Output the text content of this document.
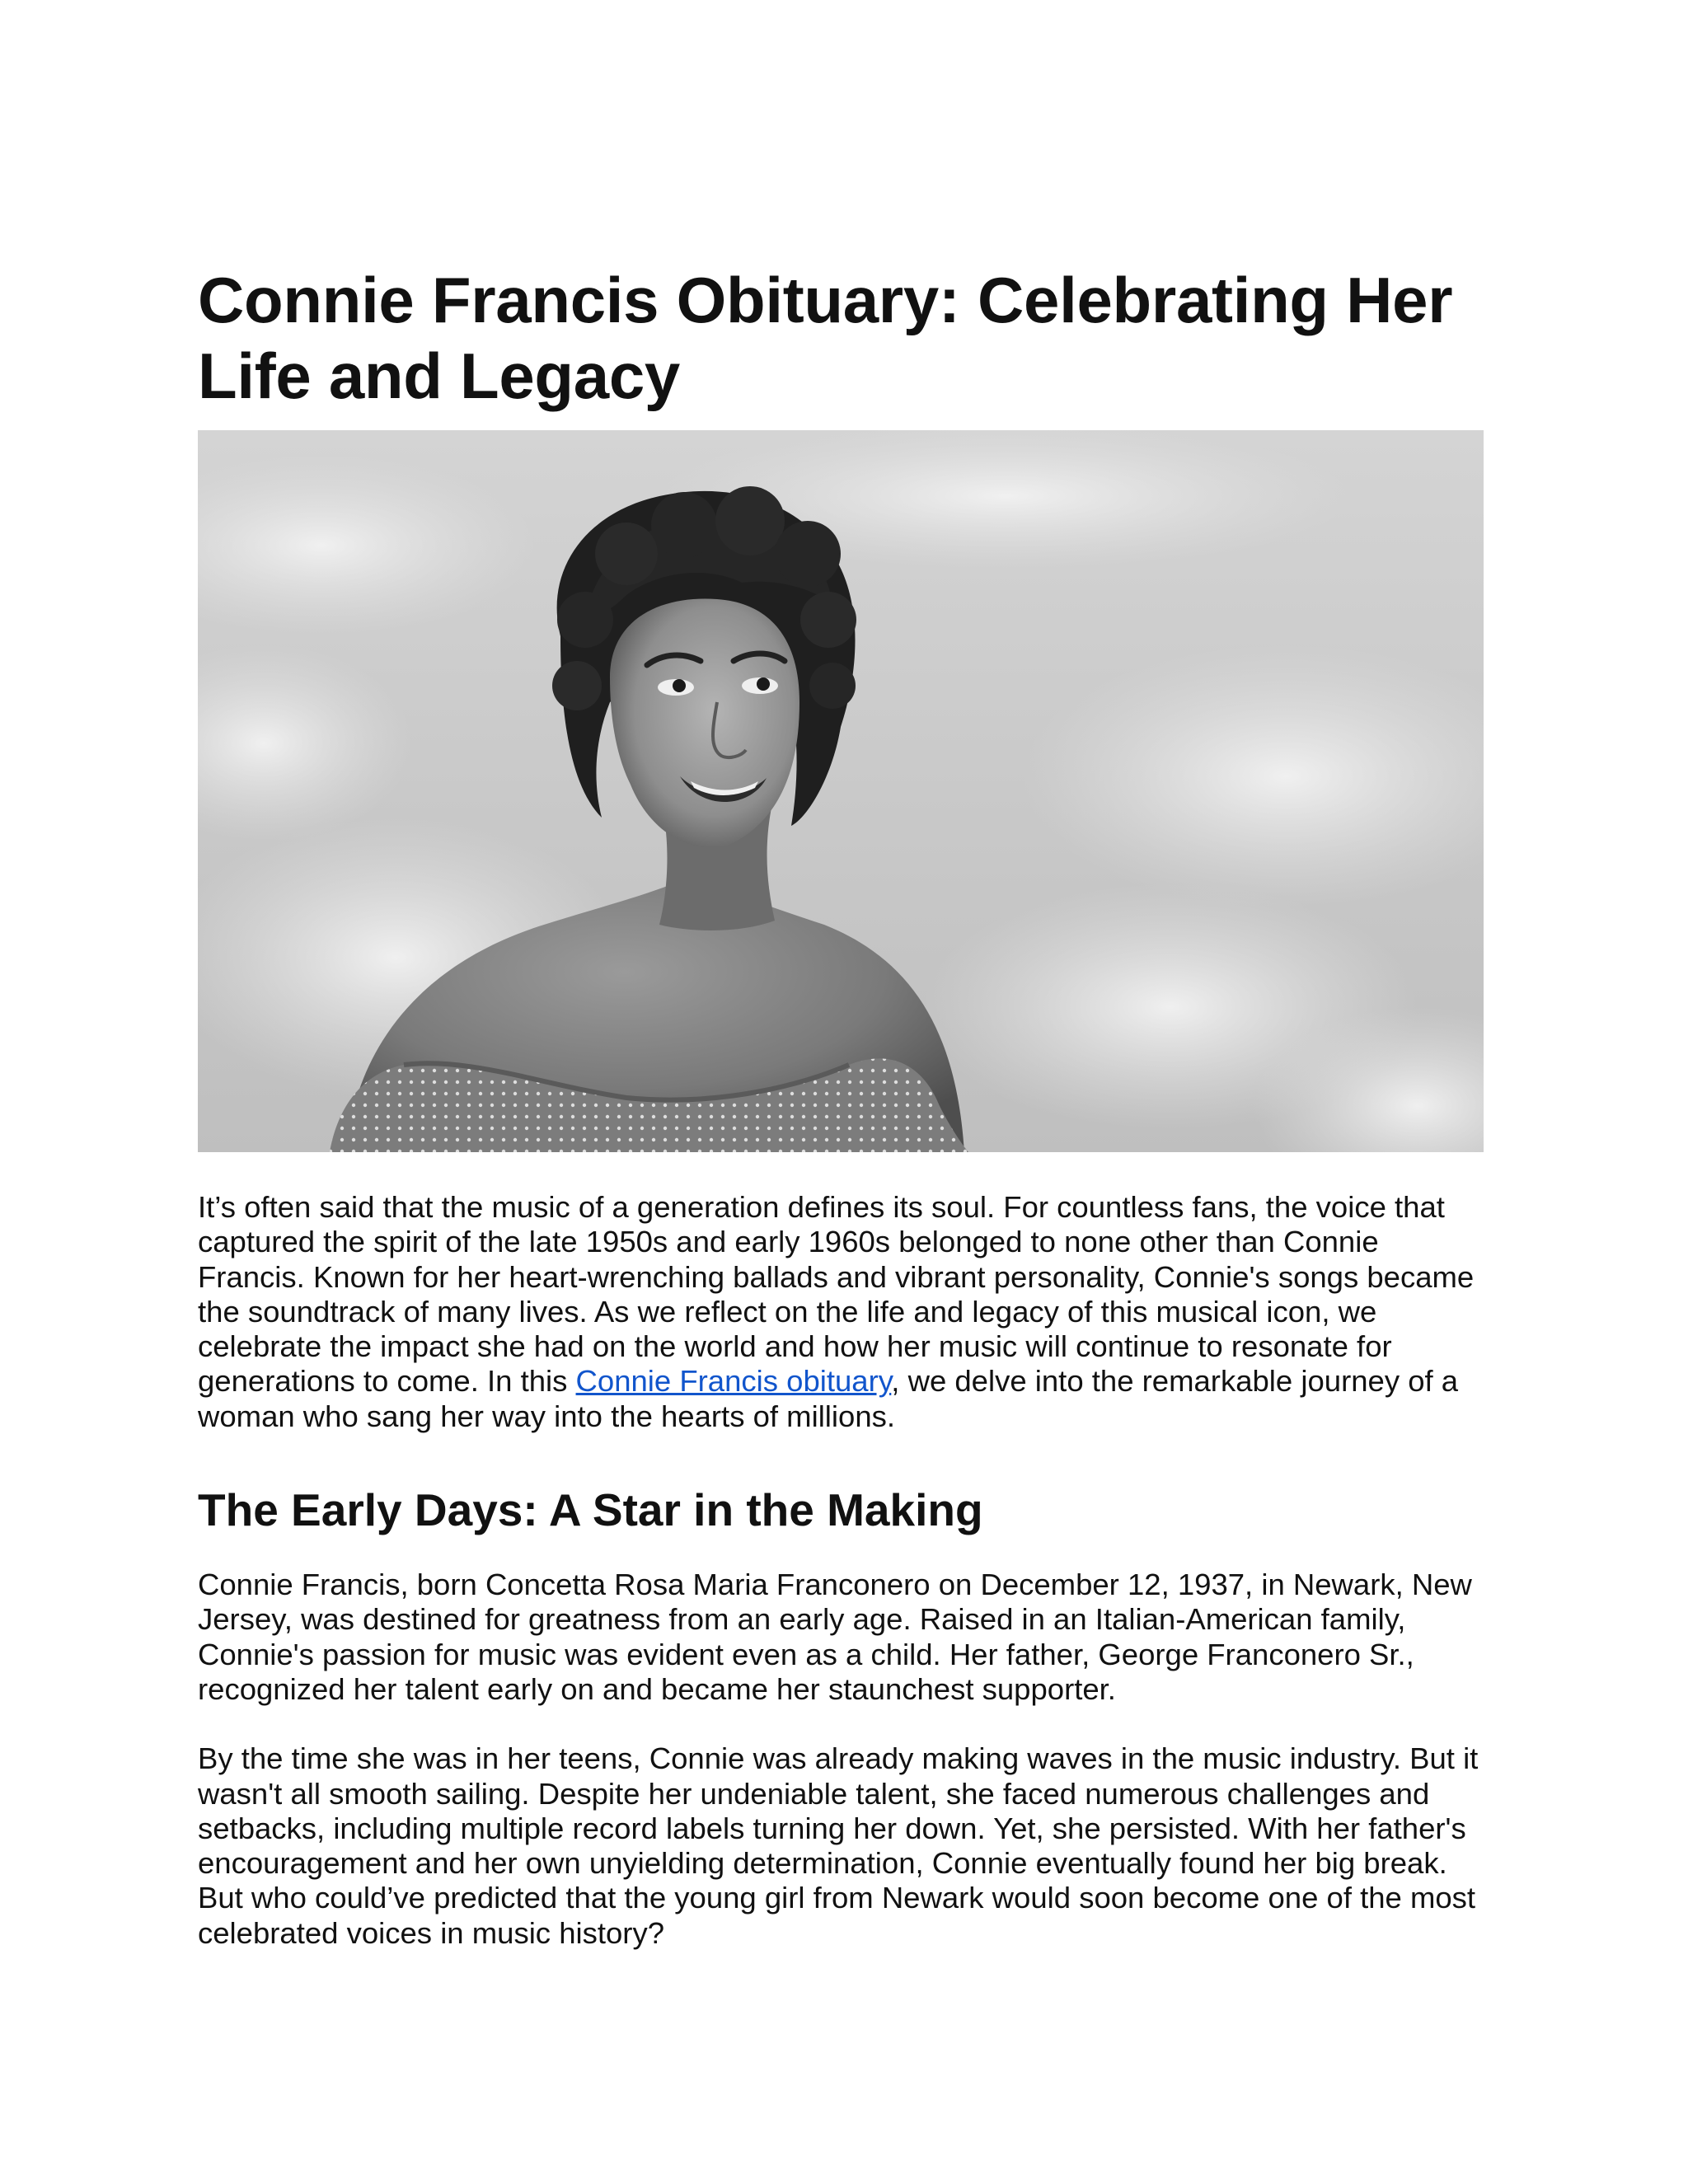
Connie Francis Obituary: Celebrating Her Life and Legacy

It’s often said that the music of a generation defines its soul. For countless fans, the voice that captured the spirit of the late 1950s and early 1960s belonged to none other than Connie Francis. Known for her heart-wrenching ballads and vibrant personality, Connie's songs became the soundtrack of many lives. As we reflect on the life and legacy of this musical icon, we celebrate the impact she had on the world and how her music will continue to resonate for generations to come. In this Connie Francis obituary, we delve into the remarkable journey of a woman who sang her way into the hearts of millions.

The Early Days: A Star in the Making

Connie Francis, born Concetta Rosa Maria Franconero on December 12, 1937, in Newark, New Jersey, was destined for greatness from an early age. Raised in an Italian-American family, Connie's passion for music was evident even as a child. Her father, George Franconero Sr., recognized her talent early on and became her staunchest supporter.

By the time she was in her teens, Connie was already making waves in the music industry. But it wasn't all smooth sailing. Despite her undeniable talent, she faced numerous challenges and setbacks, including multiple record labels turning her down. Yet, she persisted. With her father's encouragement and her own unyielding determination, Connie eventually found her big break. But who could’ve predicted that the young girl from Newark would soon become one of the most celebrated voices in music history?
